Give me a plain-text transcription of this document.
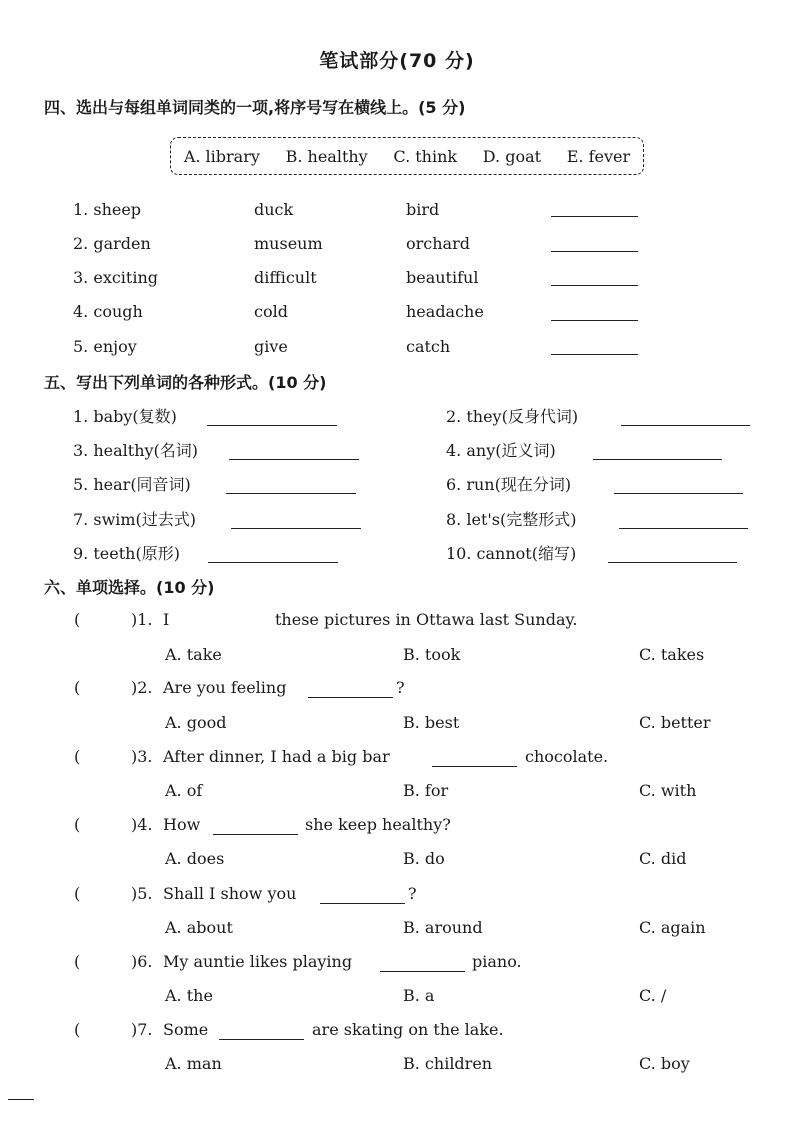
笔试部分(70 分)
四、选出与每组单词同类的一项,将序号写在横线上。(5 分)
A. library B. healthy C. think D. goat E. fever
1. sheep	duck	bird
2. garden	museum	orchard
3. exciting	difficult	beautiful
4. cough	cold	headache
5. enjoy	give	catch
五、写出下列单词的各种形式。(10 分)
1. baby(复数)	2. they(反身代词)
3. healthy(名词)	4. any(近义词)
5. hear(同音词)	6. run(现在分词)
7. swim(过去式)	8. let's(完整形式)
9. teeth(原形)	10. cannot(缩写)
六、单项选择。(10 分)
(	)1. I	these pictures in Ottawa last Sunday.
A. take	B. took	C. takes
(	)2. Are you feeling	?
A. good	B. best	C. better
(	)3. After dinner, I had a big bar	chocolate.
A. of	B. for	C. with
(	)4. How	she keep healthy?
A. does	B. do	C. did
(	)5. Shall I show you	?
A. about	B. around	C. again
(	)6. My auntie likes playing	piano.
A. the	B. a	C. /
(	)7. Some	are skating on the lake.
A. man	B. children	C. boy
